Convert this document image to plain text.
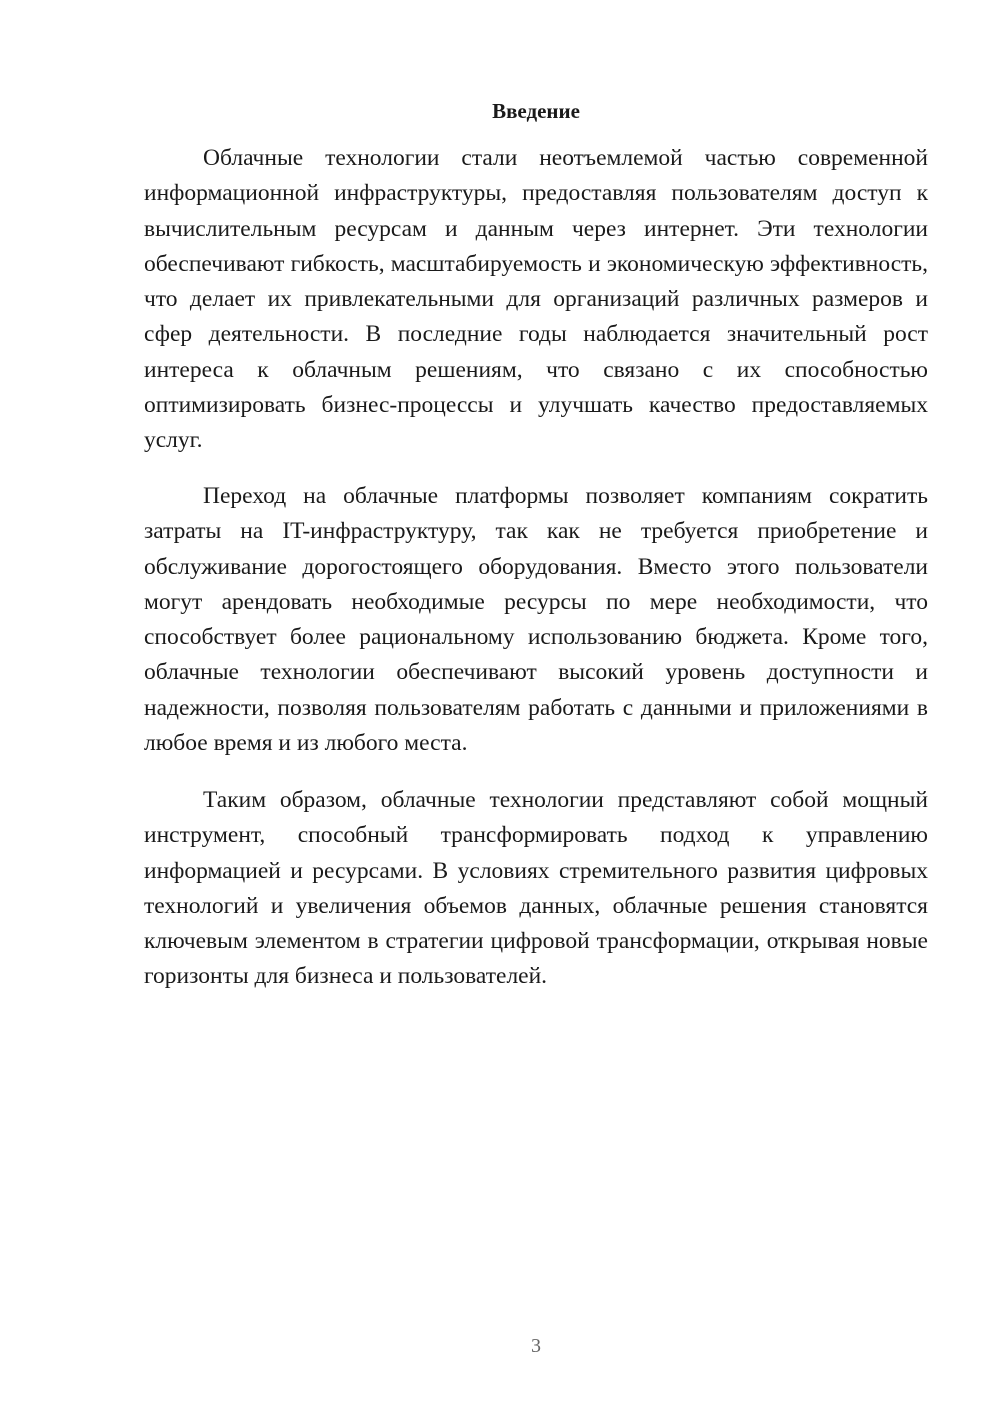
Введение

Облачные технологии стали неотъемлемой частью современной информационной инфраструктуры, предоставляя пользователям доступ к вычислительным ресурсам и данным через интернет. Эти технологии обеспечивают гибкость, масштабируемость и экономическую эффективность, что делает их привлекательными для организаций различных размеров и сфер деятельности. В последние годы наблюдается значительный рост интереса к облачным решениям, что связано с их способностью оптимизировать бизнес-процессы и улучшать качество предоставляемых услуг.

Переход на облачные платформы позволяет компаниям сократить затраты на IT-инфраструктуру, так как не требуется приобретение и обслуживание дорогостоящего оборудования. Вместо этого пользователи могут арендовать необходимые ресурсы по мере необходимости, что способствует более рациональному использованию бюджета. Кроме того, облачные технологии обеспечивают высокий уровень доступности и надежности, позволяя пользователям работать с данными и приложениями в любое время и из любого места.

Таким образом, облачные технологии представляют собой мощный инструмент, способный трансформировать подход к управлению информацией и ресурсами. В условиях стремительного развития цифровых технологий и увеличения объемов данных, облачные решения становятся ключевым элементом в стратегии цифровой трансформации, открывая новые горизонты для бизнеса и пользователей.

3
